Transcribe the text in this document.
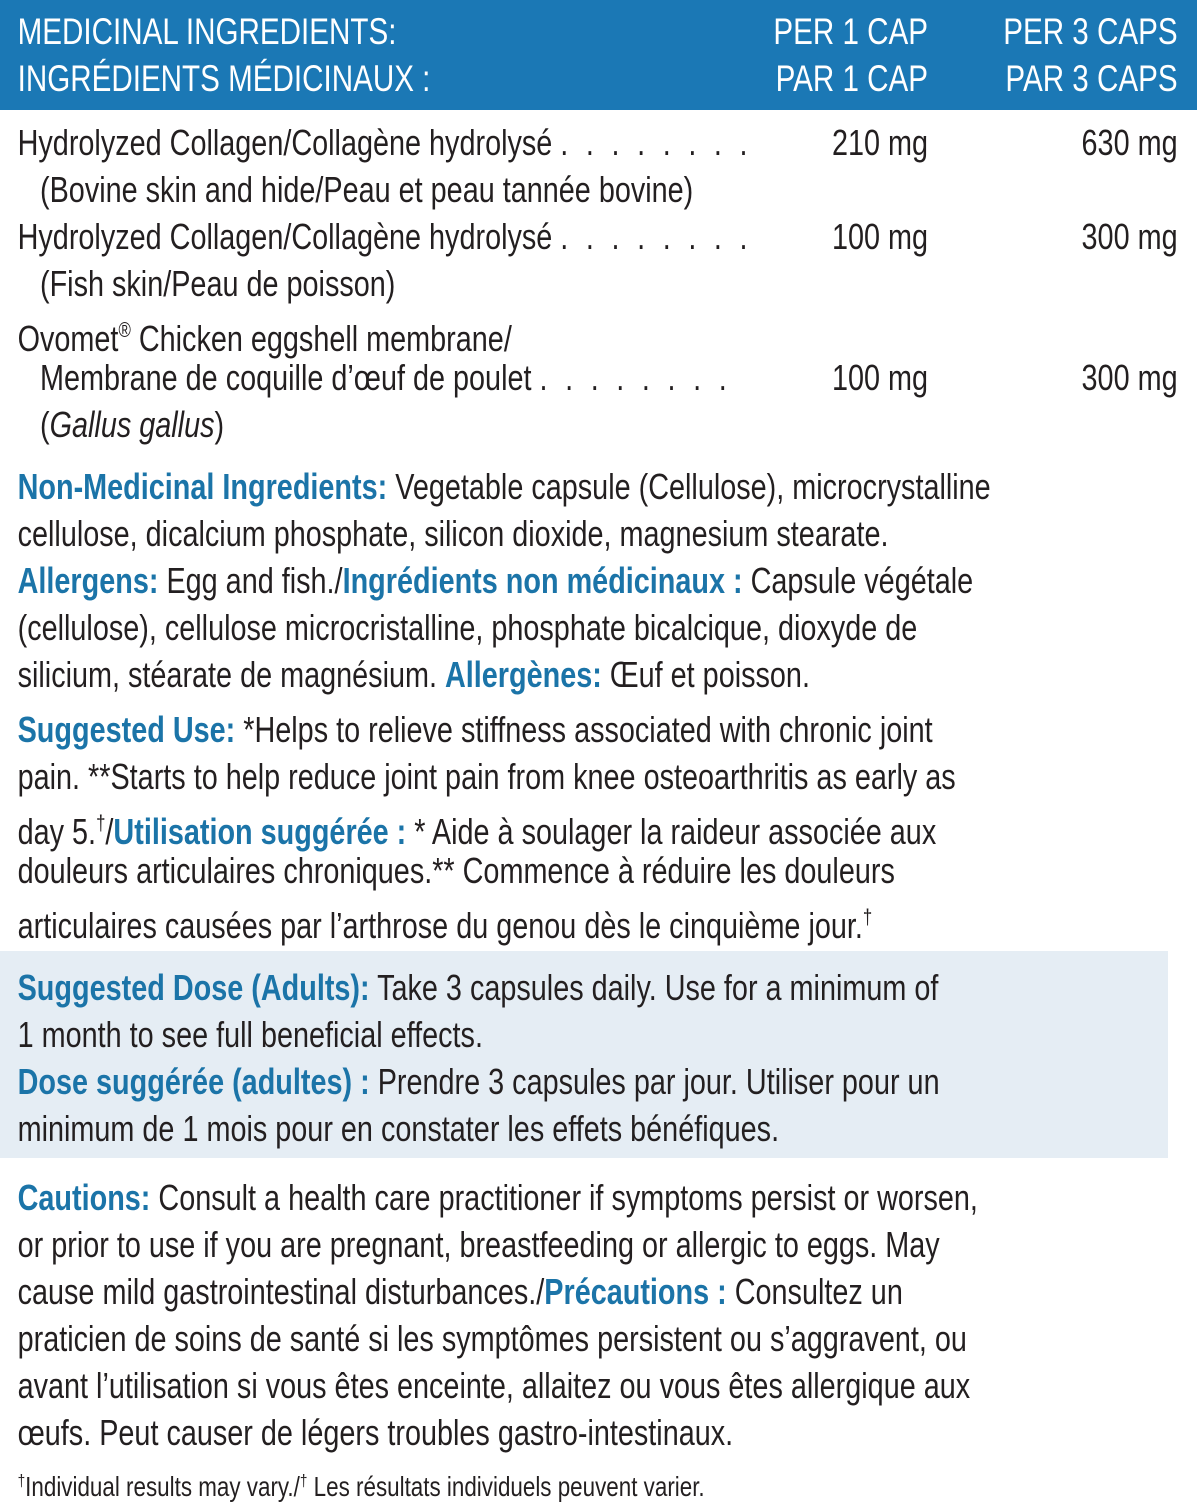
MEDICINAL INGREDIENTS:	PER 1 CAP PER 3 CAPS
INGRÉDIENTS MÉDICINAUX :	PAR 1 CAP PAR 3 CAPS
Hydrolyzed Collagen/Collagène hydrolysé . . . . . . . . 210 mg	630 mg
(Bovine skin and hide/Peau et peau tannée bovine)
Hydrolyzed Collagen/Collagène hydrolysé . . . . . . . . 100 mg	300 mg
(Fish skin/Peau de poisson)
Ovomet® Chicken eggshell membrane/
Membrane de coquille d’œuf de poulet . . . . . . . .	100 mg	300 mg
(Gallus gallus)
Non-Medicinal Ingredients: Vegetable capsule (Cellulose), microcrystalline
cellulose, dicalcium phosphate, silicon dioxide, magnesium stearate.
Allergens: Egg and fish./Ingrédients non médicinaux : Capsule végétale
(cellulose), cellulose microcristalline, phosphate bicalcique, dioxyde de
silicium, stéarate de magnésium. Allergènes: Œuf et poisson.
Suggested Use: *Helps to relieve stiffness associated with chronic joint
pain. **Starts to help reduce joint pain from knee osteoarthritis as early as
day 5.†/Utilisation suggérée : * Aide à soulager la raideur associée aux
douleurs articulaires chroniques.** Commence à réduire les douleurs
articulaires causées par l’arthrose du genou dès le cinquième jour.†
Suggested Dose (Adults): Take 3 capsules daily. Use for a minimum of
1 month to see full beneficial effects.
Dose suggérée (adultes) : Prendre 3 capsules par jour. Utiliser pour un
minimum de 1 mois pour en constater les effets bénéfiques.
Cautions: Consult a health care practitioner if symptoms persist or worsen,
or prior to use if you are pregnant, breastfeeding or allergic to eggs. May
cause mild gastrointestinal disturbances./Précautions : Consultez un
praticien de soins de santé si les symptômes persistent ou s’aggravent, ou
avant l’utilisation si vous êtes enceinte, allaitez ou vous êtes allergique aux
œufs. Peut causer de légers troubles gastro-intestinaux.
†Individual results may vary./† Les résultats individuels peuvent varier.
